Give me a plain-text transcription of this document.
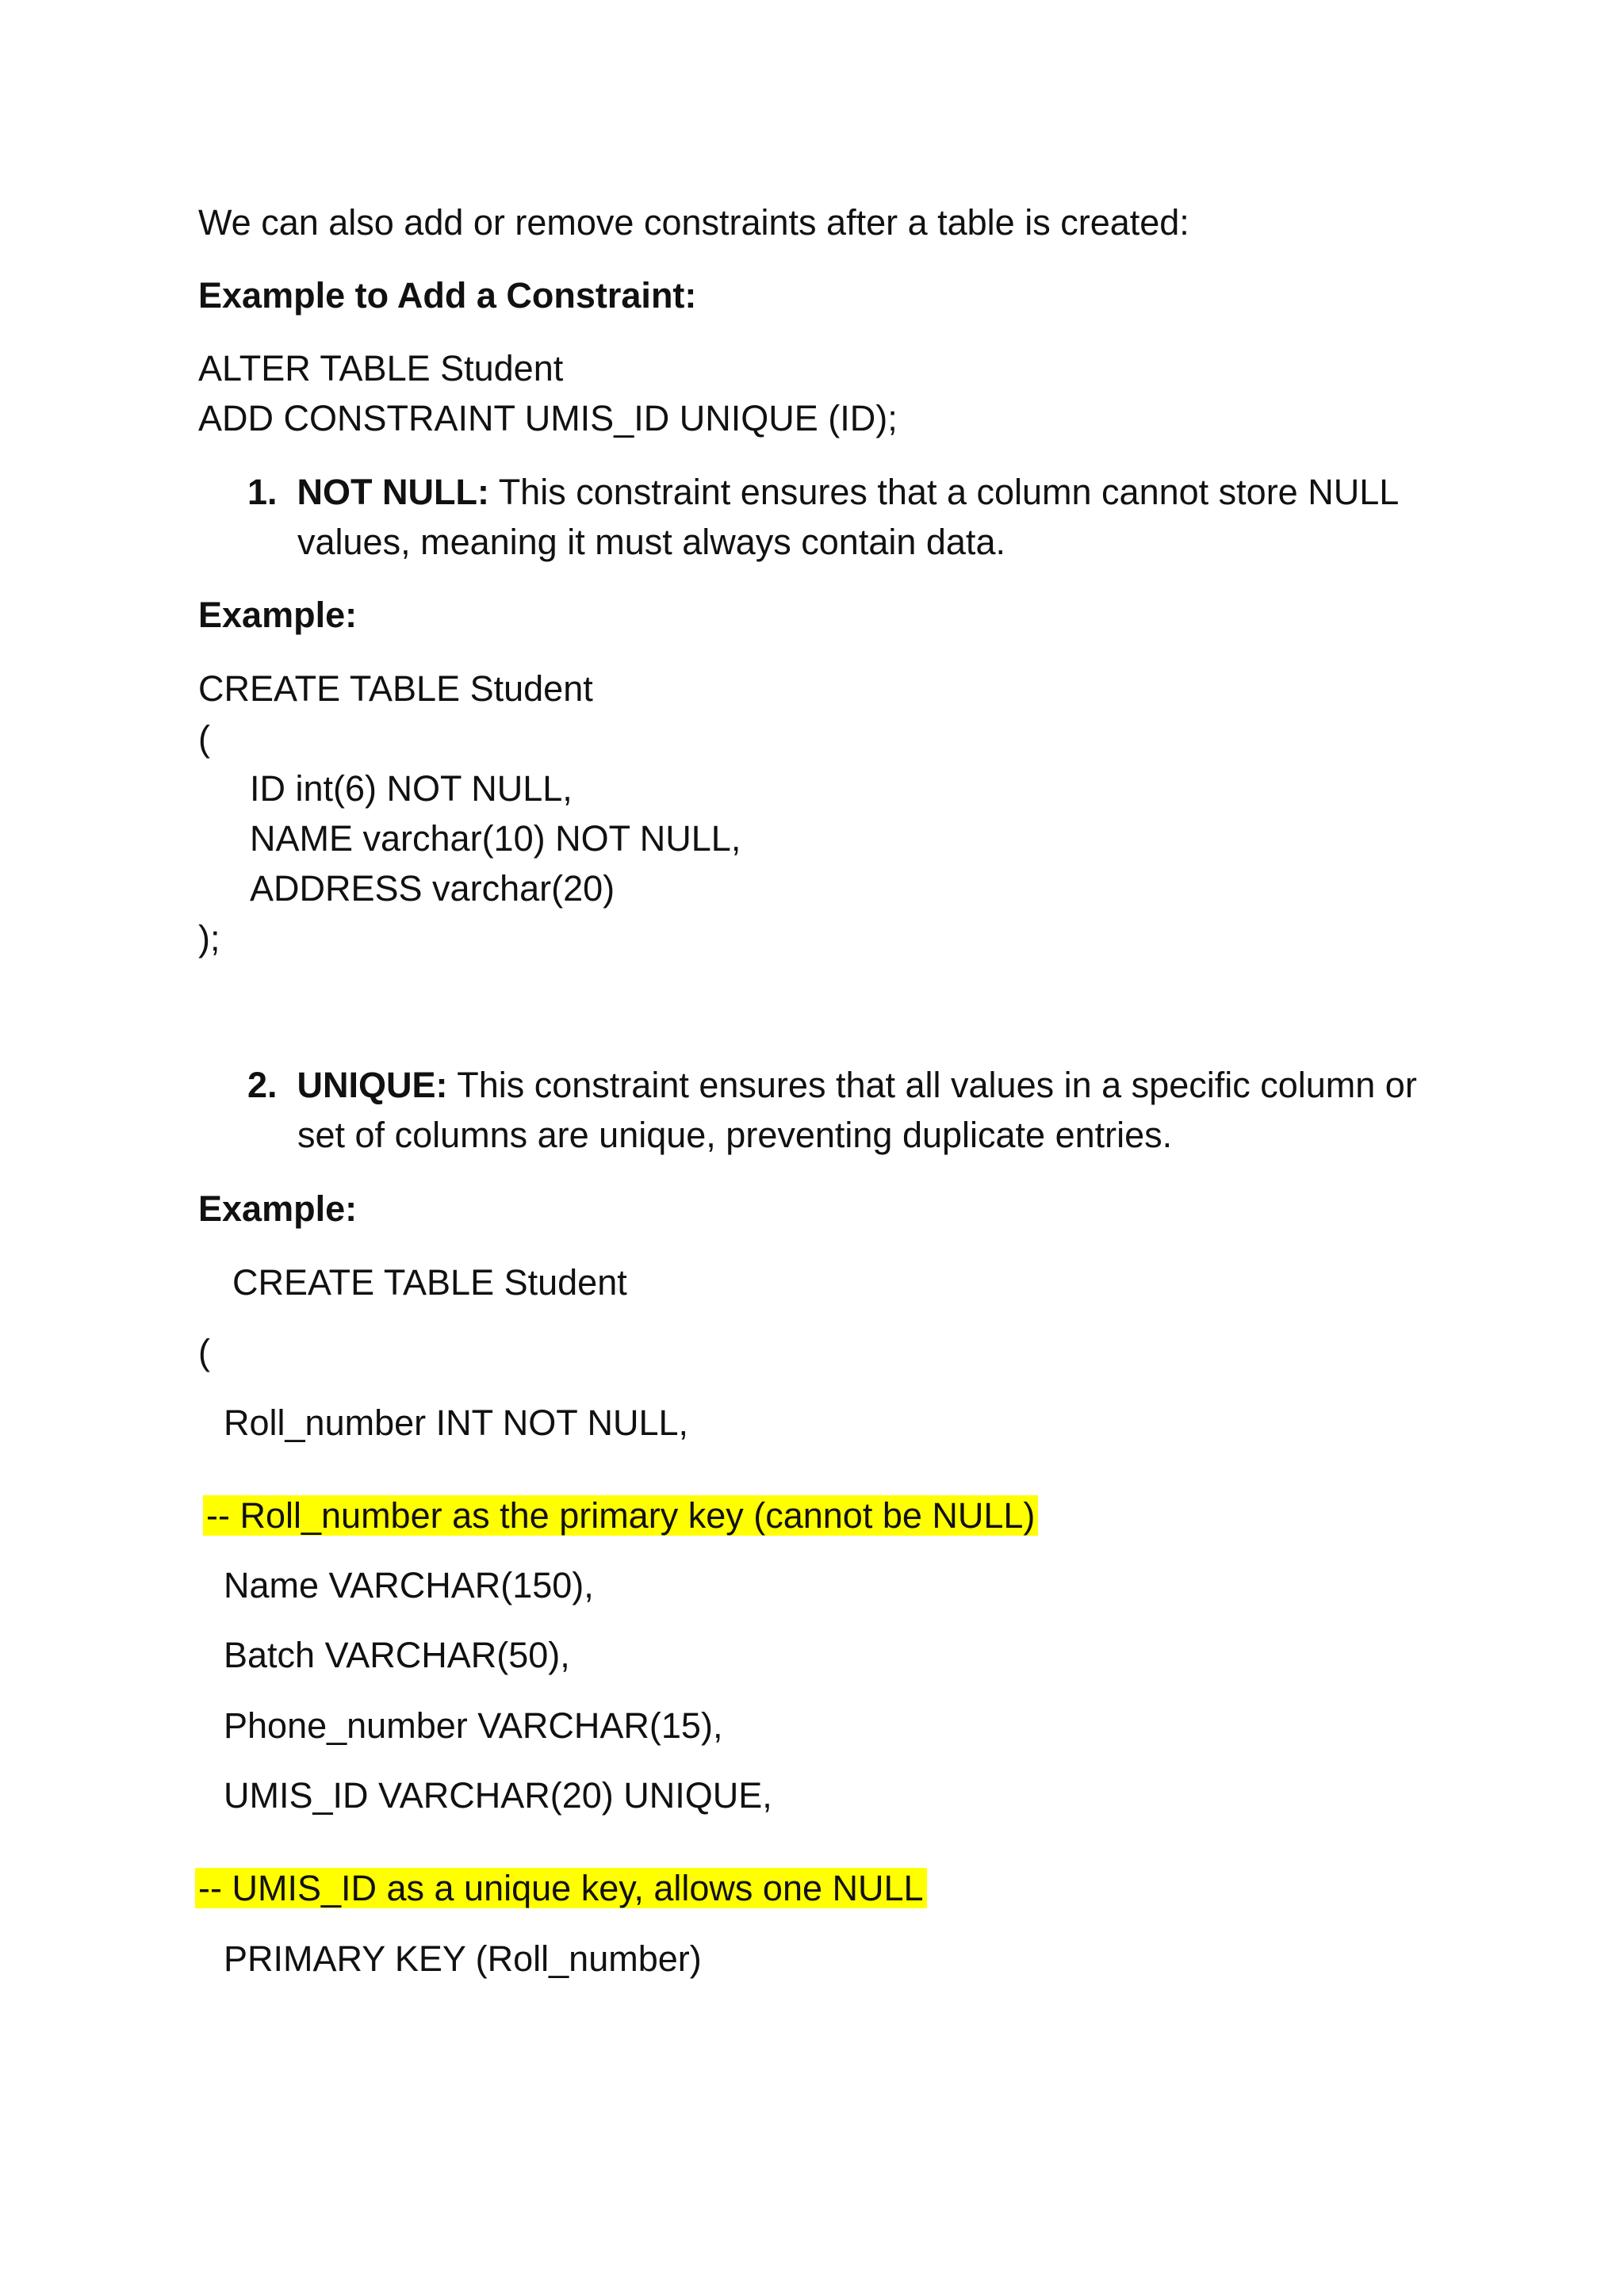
We can also add or remove constraints after a table is created:

Example to Add a Constraint:

ALTER TABLE Student

ADD CONSTRAINT UMIS_ID UNIQUE (ID);

1. NOT NULL: This constraint ensures that a column cannot store NULL

values, meaning it must always contain data.

Example:

CREATE TABLE Student

(

ID int(6) NOT NULL,

NAME varchar(10) NOT NULL,

ADDRESS varchar(20)

);

2. UNIQUE: This constraint ensures that all values in a specific column or

set of columns are unique, preventing duplicate entries.

Example:

CREATE TABLE Student

(

Roll_number INT NOT NULL,

-- Roll_number as the primary key (cannot be NULL)

Name VARCHAR(150),

Batch VARCHAR(50),

Phone_number VARCHAR(15),

UMIS_ID VARCHAR(20) UNIQUE,

-- UMIS_ID as a unique key, allows one NULL

PRIMARY KEY (Roll_number)
